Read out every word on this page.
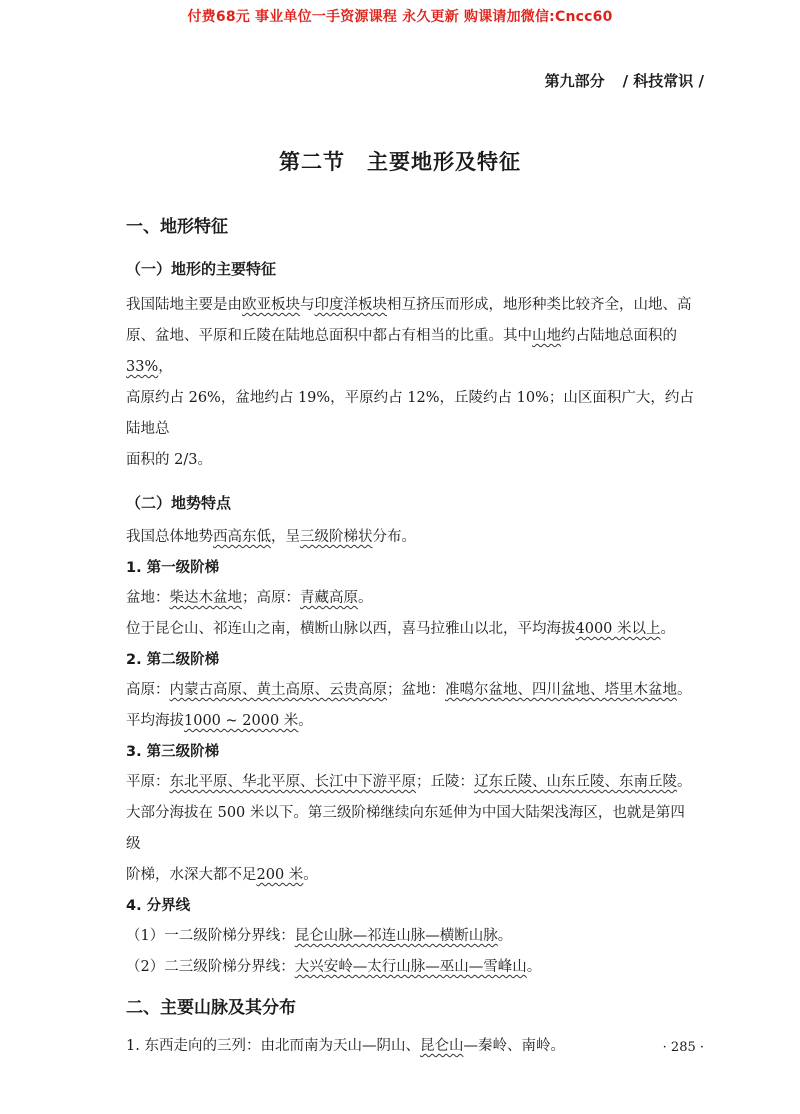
付费68元 事业单位一手资源课程 永久更新 购课请加微信:Cncc60
第九部分 / 科技常识 /
第二节 主要地形及特征
一、地形特征
（一）地形的主要特征

我国陆地主要是由欧亚板块与印度洋板块相互挤压而形成，地形种类比较齐全，山地、高

原、盆地、平原和丘陵在陆地总面积中都占有相当的比重。其中山地约占陆地总面积的33%，

高原约占 26%，盆地约占 19%，平原约占 12%，丘陵约占 10%；山区面积广大，约占陆地总

面积的 2/3。

（二）地势特点

我国总体地势西高东低，呈三级阶梯状分布。

1. 第一级阶梯

盆地：柴达木盆地；高原：青藏高原。

位于昆仑山、祁连山之南，横断山脉以西，喜马拉雅山以北，平均海拔4000 米以上。

2. 第二级阶梯

高原：内蒙古高原、黄土高原、云贵高原；盆地：准噶尔盆地、四川盆地、塔里木盆地。

平均海拔1000 ~ 2000 米。

3. 第三级阶梯

平原：东北平原、华北平原、长江中下游平原；丘陵：辽东丘陵、山东丘陵、东南丘陵。

大部分海拔在 500 米以下。第三级阶梯继续向东延伸为中国大陆架浅海区，也就是第四级

阶梯，水深大都不足200 米。

4. 分界线

（1）一二级阶梯分界线：昆仑山脉—祁连山脉—横断山脉。

（2）二三级阶梯分界线：大兴安岭—太行山脉—巫山—雪峰山。

二、主要山脉及其分布

1. 东西走向的三列：由北而南为天山—阴山、昆仑山—秦岭、南岭。	· 285 ·
